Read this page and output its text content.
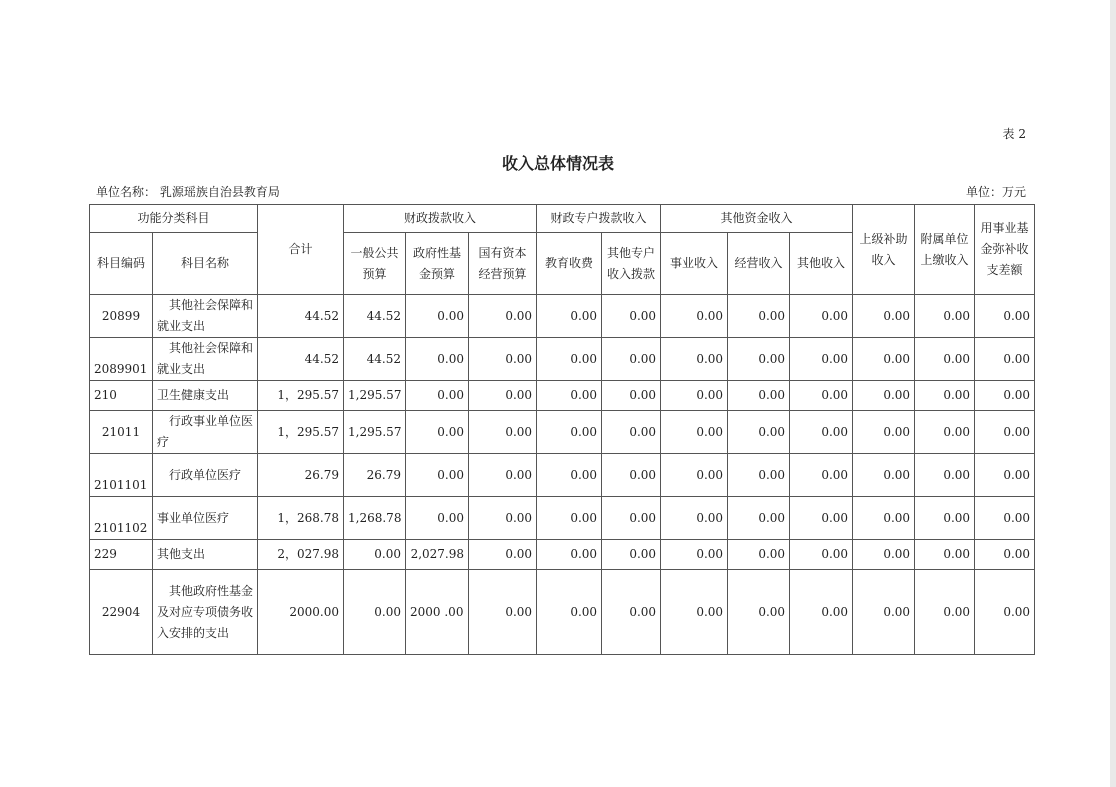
表 2
收入总体情况表
单位名称： 乳源瑶族自治县教育局	单位：万元
功能分类科目		合计	财政拨款收入			财政专户拨款收入		其他资金收入			上级补助收入	附属单位上缴收入	用事业基金弥补收支差额
科目编码	科目名称		一般公共预算	政府性基金预算	国有资本经营预算	教育收费	其他专户收入拨款	事业收入	经营收入	其他收入			
20899	其他社会保障和就业支出	44.52	44.52	0.00	0.00	0.00	0.00	0.00	0.00	0.00	0.00	0.00	0.00
2089901	其他社会保障和就业支出	44.52	44.52	0.00	0.00	0.00	0.00	0.00	0.00	0.00	0.00	0.00	0.00
210	卫生健康支出	1，295.57	1,295.57	0.00	0.00	0.00	0.00	0.00	0.00	0.00	0.00	0.00	0.00
21011	行政事业单位医疗	1，295.57	1,295.57	0.00	0.00	0.00	0.00	0.00	0.00	0.00	0.00	0.00	0.00
2101101	行政单位医疗	26.79	26.79	0.00	0.00	0.00	0.00	0.00	0.00	0.00	0.00	0.00	0.00
2101102	事业单位医疗	1，268.78	1,268.78	0.00	0.00	0.00	0.00	0.00	0.00	0.00	0.00	0.00	0.00
229	其他支出	2，027.98	0.00	2,027.98	0.00	0.00	0.00	0.00	0.00	0.00	0.00	0.00	0.00
22904	其他政府性基金及对应专项债务收入安排的支出	2000.00	0.00	2000 .00	0.00	0.00	0.00	0.00	0.00	0.00	0.00	0.00	0.00
